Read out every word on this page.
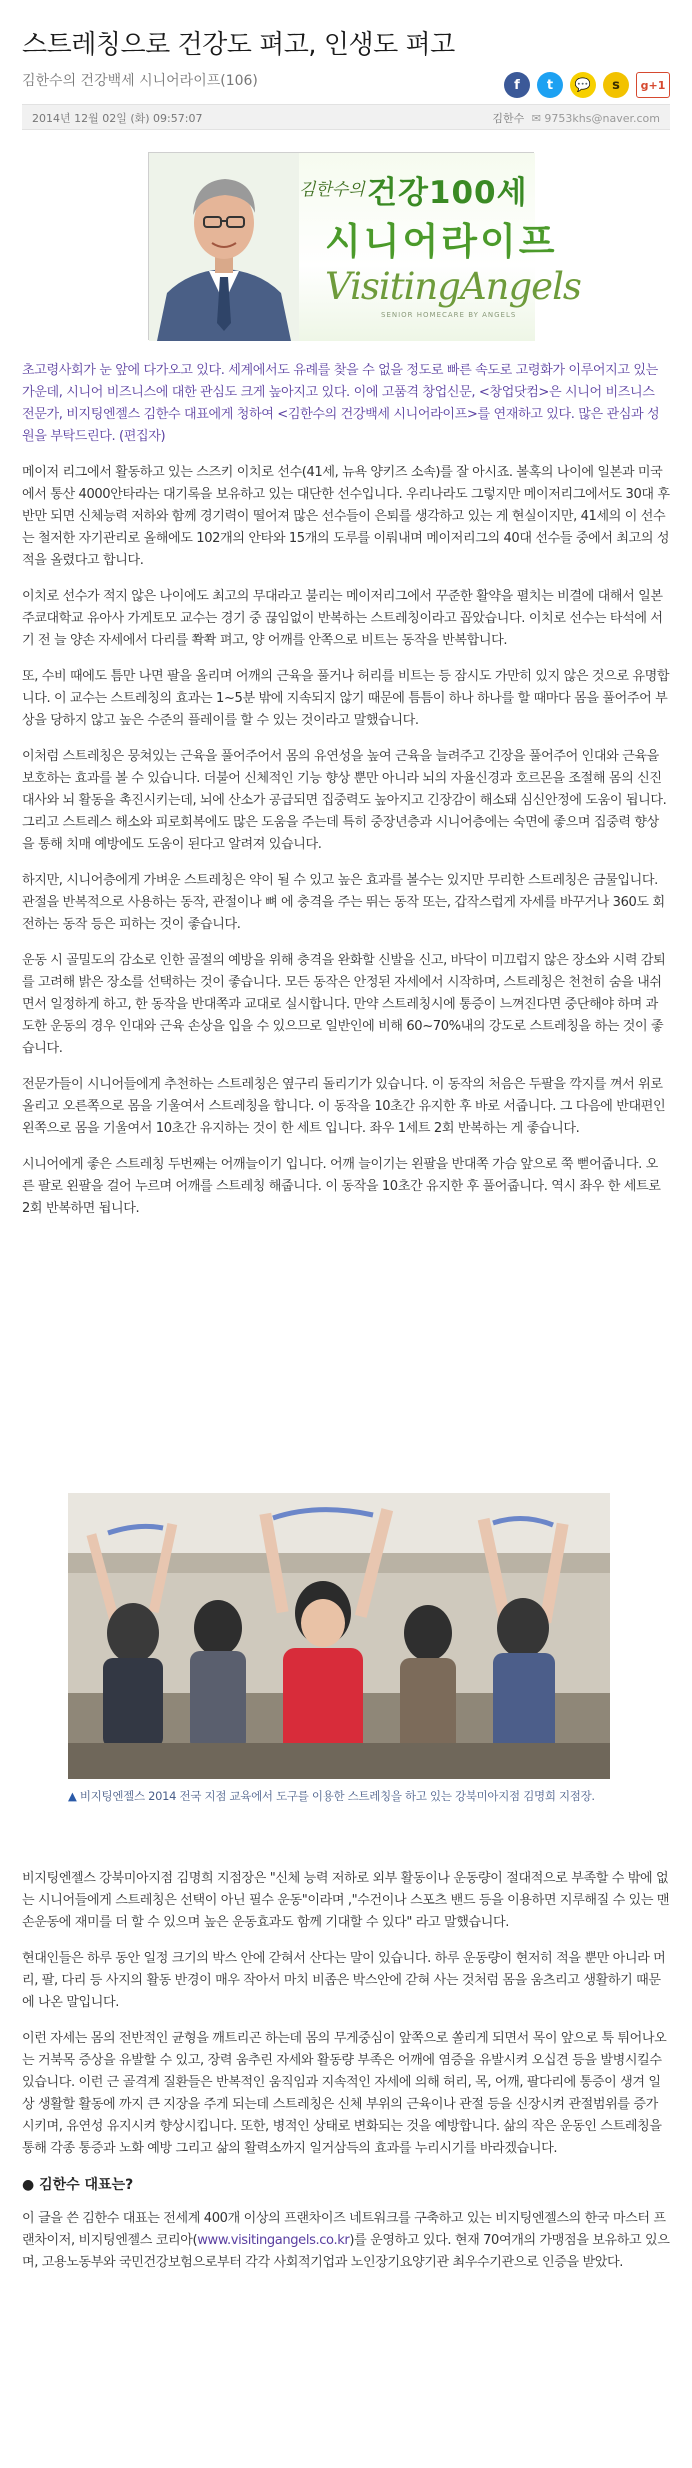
스트레칭으로 건강도 펴고, 인생도 펴고
김한수의 건강백세 시니어라이프(106)	f	t	💬	s	g+1
2014년 12월 02일 (화) 09:57:07	김한수 ✉ 9753khs@naver.com
김한수의 건강100세
시니어라이프
VisitingAngels
SENIOR HOMECARE BY ANGELS

초고령사회가 눈 앞에 다가오고 있다. 세계에서도 유례를 찾을 수 없을 정도로 빠른 속도로 고령화가 이루어지고 있는 가운데, 시니어 비즈니스에 대한 관심도 크게 높아지고 있다. 이에 고품격 창업신문, <창업닷컴>은 시니어 비즈니스 전문가, 비지팅엔젤스 김한수 대표에게 청하여 <김한수의 건강백세 시니어라이프>를 연재하고 있다. 많은 관심과 성원을 부탁드린다. (편집자)

메이저 리그에서 활동하고 있는 스즈키 이치로 선수(41세, 뉴욕 양키즈 소속)를 잘 아시죠. 볼혹의 나이에 일본과 미국에서 통산 4000안타라는 대기록을 보유하고 있는 대단한 선수입니다. 우리나라도 그렇지만 메이저리그에서도 30대 후반만 되면 신체능력 저하와 함께 경기력이 떨어져 많은 선수들이 은퇴를 생각하고 있는 게 현실이지만, 41세의 이 선수는 철저한 자기관리로 올해에도 102개의 안타와 15개의 도루를 이뤄내며 메이저리그의 40대 선수들 중에서 최고의 성적을 올렸다고 합니다.

이치로 선수가 적지 않은 나이에도 최고의 무대라고 불리는 메이저리그에서 꾸준한 활약을 펼치는 비결에 대해서 일본 주쿄대학교 유아사 가게토모 교수는 경기 중 끊임없이 반복하는 스트레칭이라고 꼽았습니다. 이치로 선수는 타석에 서기 전 늘 양손 자세에서 다리를 쫙쫙 펴고, 양 어깨를 안쪽으로 비트는 동작을 반복합니다.

또, 수비 때에도 틈만 나면 팔을 올리며 어깨의 근육을 풀거나 허리를 비트는 등 잠시도 가만히 있지 않은 것으로 유명합니다. 이 교수는 스트레칭의 효과는 1~5분 밖에 지속되지 않기 때문에 틈틈이 하나 하나를 할 때마다 몸을 풀어주어 부상을 당하지 않고 높은 수준의 플레이를 할 수 있는 것이라고 말했습니다.

이처럼 스트레칭은 뭉쳐있는 근육을 풀어주어서 몸의 유연성을 높여 근육을 늘려주고 긴장을 풀어주어 인대와 근육을 보호하는 효과를 볼 수 있습니다. 더불어 신체적인 기능 향상 뿐만 아니라 뇌의 자율신경과 호르몬을 조절해 몸의 신진대사와 뇌 활동을 촉진시키는데, 뇌에 산소가 공급되면 집중력도 높아지고 긴장감이 해소돼 심신안정에 도움이 됩니다. 그리고 스트레스 해소와 피로회복에도 많은 도움을 주는데 특히 중장년층과 시니어층에는 숙면에 좋으며 집중력 향상을 통해 치매 예방에도 도움이 된다고 알려져 있습니다.

하지만, 시니어층에게 가벼운 스트레칭은 약이 될 수 있고 높은 효과를 볼수는 있지만 무리한 스트레칭은 금물입니다. 관절을 반복적으로 사용하는 동작, 관절이나 뼈 에 충격을 주는 뛰는 동작 또는, 갑작스럽게 자세를 바꾸거나 360도 회전하는 동작 등은 피하는 것이 좋습니다.

운동 시 골밀도의 감소로 인한 골절의 예방을 위해 충격을 완화할 신발을 신고, 바닥이 미끄럽지 않은 장소와 시력 감퇴를 고려해 밝은 장소를 선택하는 것이 좋습니다. 모든 동작은 안정된 자세에서 시작하며, 스트레칭은 천천히 숨을 내쉬면서 일정하게 하고, 한 동작을 반대쪽과 교대로 실시합니다. 만약 스트레칭시에 통증이 느껴진다면 중단해야 하며 과도한 운동의 경우 인대와 근육 손상을 입을 수 있으므로 일반인에 비해 60~70%내의 강도로 스트레칭을 하는 것이 좋습니다.

전문가들이 시니어들에게 추천하는 스트레칭은 옆구리 돌리기가 있습니다. 이 동작의 처음은 두팔을 깍지를 껴서 위로 올리고 오른쪽으로 몸을 기울여서 스트레칭을 합니다. 이 동작을 10초간 유지한 후 바로 서줍니다. 그 다음에 반대편인 왼쪽으로 몸을 기울여서 10초간 유지하는 것이 한 세트 입니다. 좌우 1세트 2회 반복하는 게 좋습니다.

시니어에게 좋은 스트레칭 두번째는 어깨늘이기 입니다. 어깨 늘이기는 왼팔을 반대쪽 가슴 앞으로 쭉 뻗어줍니다. 오른 팔로 왼팔을 걸어 누르며 어깨를 스트레칭 해줍니다. 이 동작을 10초간 유지한 후 풀어줍니다. 역시 좌우 한 세트로 2회 반복하면 됩니다.

▲ 비지팅엔젤스 2014 전국 지점 교육에서 도구를 이용한 스트레칭을 하고 있는 강북미아지점 김명희 지점장.

비지팅엔젤스 강북미아지점 김명희 지점장은 "신체 능력 저하로 외부 활동이나 운동량이 절대적으로 부족할 수 밖에 없는 시니어들에게 스트레칭은 선택이 아닌 필수 운동"이라며 ,"수건이나 스포츠 밴드 등을 이용하면 지루해질 수 있는 맨손운동에 재미를 더 할 수 있으며 높은 운동효과도 함께 기대할 수 있다" 라고 말했습니다.

현대인들은 하루 동안 일정 크기의 박스 안에 갇혀서 산다는 말이 있습니다. 하루 운동량이 현저히 적을 뿐만 아니라 머리, 팔, 다리 등 사지의 활동 반경이 매우 작아서 마치 비좁은 박스안에 갇혀 사는 것처럼 몸을 움츠리고 생활하기 때문에 나온 말입니다.

이런 자세는 몸의 전반적인 균형을 깨트리곤 하는데 몸의 무게중심이 앞쪽으로 쏠리게 되면서 목이 앞으로 툭 튀어나오는 거북목 증상을 유발할 수 있고, 장력 움추린 자세와 활동량 부족은 어깨에 염증을 유발시켜 오십견 등을 발병시킬수 있습니다. 이런 근 골격계 질환들은 반복적인 움직임과 지속적인 자세에 의해 허리, 목, 어깨, 팔다리에 통증이 생겨 일상 생활할 활동에 까지 큰 지장을 주게 되는데 스트레칭은 신체 부위의 근육이나 관절 등을 신장시켜 관절범위를 증가시키며, 유연성 유지시켜 향상시킵니다. 또한, 병적인 상태로 변화되는 것을 예방합니다. 삶의 작은 운동인 스트레칭을 통해 각종 통증과 노화 예방 그리고 삶의 활력소까지 일거삼득의 효과를 누리시기를 바라겠습니다.

● 김한수 대표는?

이 글을 쓴 김한수 대표는 전세계 400개 이상의 프랜차이즈 네트워크를 구축하고 있는 비지팅엔젤스의 한국 마스터 프랜차이저, 비지팅엔젤스 코리아(www.visitingangels.co.kr)를 운영하고 있다. 현재 70여개의 가맹점을 보유하고 있으며, 고용노동부와 국민건강보험으로부터 각각 사회적기업과 노인장기요양기관 최우수기관으로 인증을 받았다.
